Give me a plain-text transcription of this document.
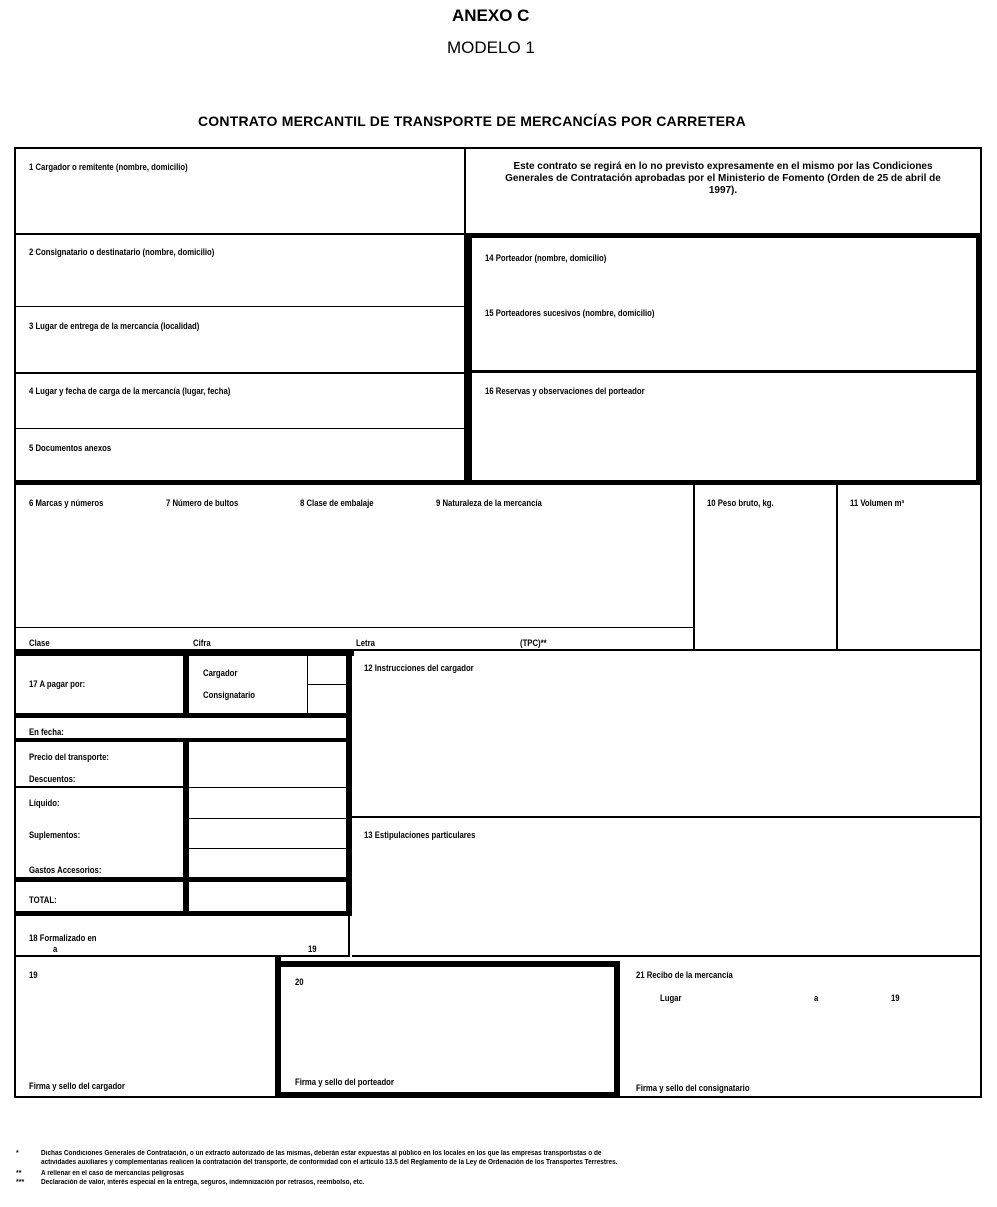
ANEXO C
MODELO 1
CONTRATO MERCANTIL DE TRANSPORTE DE MERCANCÍAS POR CARRETERA
Este contrato se regirá en lo no previsto expresamente en el mismo por las Condiciones Generales de Contratación aprobadas por el Ministerio de Fomento (Orden de 25 de abril de 1997).
1 Cargador o remitente (nombre, domicilio)
2 Consignatario o destinatario (nombre, domicilio)
3 Lugar de entrega de la mercancía (localidad)
4 Lugar y fecha de carga de la mercancía (lugar, fecha)
5 Documentos anexos
14 Porteador (nombre, domicilio)
15 Porteadores sucesivos (nombre, domicilio)
16 Reservas y observaciones del porteador
6 Marcas y números	7 Número de bultos	8 Clase de embalaje	9 Naturaleza de la mercancía	10 Peso bruto, kg.	11 Volumen m³
Clase	Cifra	Letra	(TPC)**
17 A pagar por:
Cargador
Consignatario
12 Instrucciones del cargador
En fecha:
Precio del transporte:
Descuentos:
Líquido:
Suplementos:
Gastos Accesorios:
TOTAL:
13 Estipulaciones particulares
18 Formalizado en
a	19
19
Firma y sello del cargador
20
Firma y sello del porteador
21 Recibo de la mercancía
Lugar	a	19
Firma y sello del consignatario
*	Dichas Condiciones Generales de Contratación, o un extracto autorizado de las mismas, deberán estar expuestas al público en los locales en los que las empresas transportistas o de
actividades auxiliares y complementarias realicen la contratación del transporte, de conformidad con el artículo 13.5 del Reglamento de la Ley de Ordenación de los Transportes Terrestres.
**	A rellenar en el caso de mercancías peligrosas
*** Declaración de valor, interés especial en la entrega, seguros, indemnización por retrasos, reembolso, etc.
